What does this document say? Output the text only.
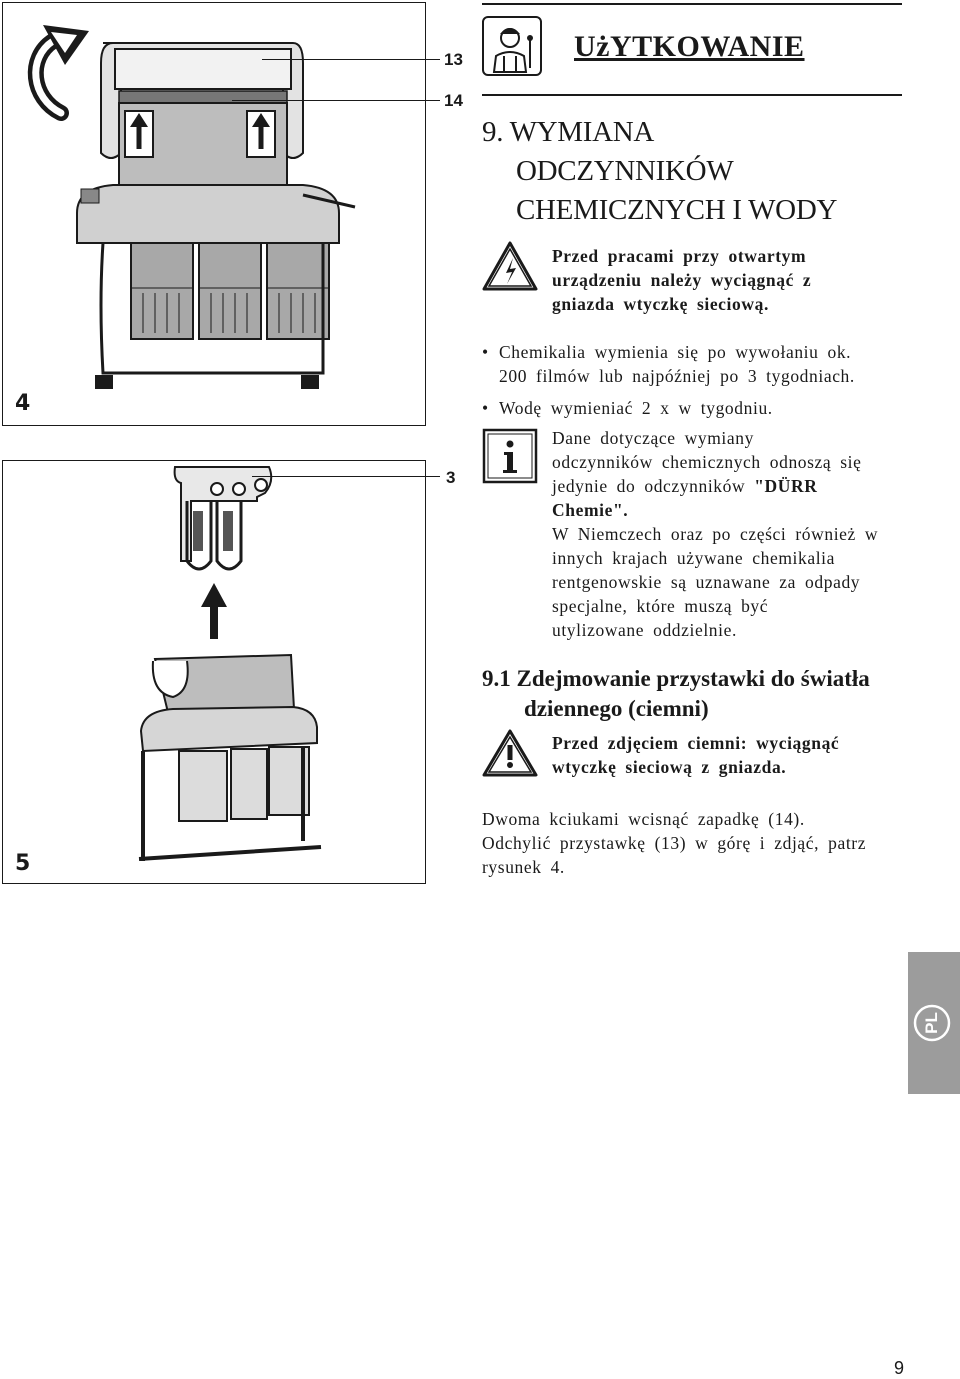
4
13
14
5
3
UżYTKOWANIE
9. WYMIANA
ODCZYNNIKÓW
CHEMICZNYCH I WODY
Przed pracami przy otwartym
urządzeniu należy wyciągnąć z
gniazda wtyczkę sieciową.
• Chemikalia wymienia się po wywołaniu ok.
200 filmów lub najpóźniej po 3 tygodniach.
• Wodę wymieniać 2 x w tygodniu.
Dane dotyczące wymiany
odczynników chemicznych odnoszą się
jedynie do odczynników "DÜRR
Chemie".
W Niemczech oraz po części również w
innych krajach używane chemikalia
rentgenowskie są uznawane za odpady
specjalne, które muszą być
utylizowane oddzielnie.
9.1 Zdejmowanie przystawki do światła
dziennego (ciemni)
Przed zdjęciem ciemni: wyciągnąć
wtyczkę sieciową z gniazda.
Dwoma kciukami wcisnąć zapadkę (14).
Odchylić przystawkę (13) w górę i zdjąć, patrz
rysunek 4.
PL
9
